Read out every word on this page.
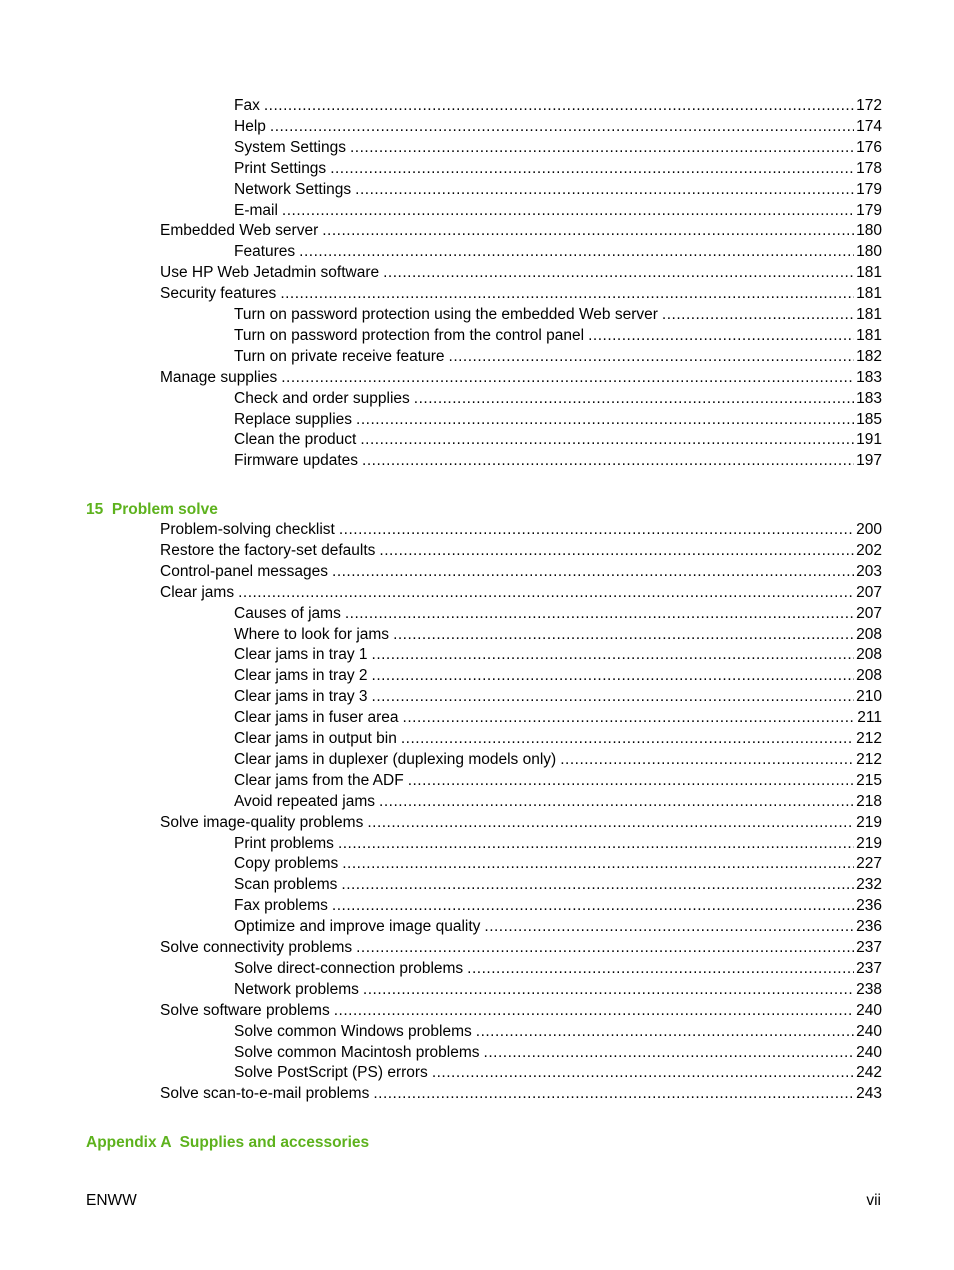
Fax .....	172
Help .....	174
System Settings .....	176
Print Settings .....	178
Network Settings .....	179
E-mail .....	179
Embedded Web server .....	180
Features .....	180
Use HP Web Jetadmin software .....	181
Security features .....	181
Turn on password protection using the embedded Web server .....	181
Turn on password protection from the control panel .....	181
Turn on private receive feature .....	182
Manage supplies .....	183
Check and order supplies .....	183
Replace supplies .....	185
Clean the product .....	191
Firmware updates .....	197
15  Problem solve
Problem-solving checklist .....	200
Restore the factory-set defaults .....	202
Control-panel messages .....	203
Clear jams .....	207
Causes of jams .....	207
Where to look for jams .....	208
Clear jams in tray 1 .....	208
Clear jams in tray 2 .....	208
Clear jams in tray 3 .....	210
Clear jams in fuser area .....	211
Clear jams in output bin .....	212
Clear jams in duplexer (duplexing models only) .....	212
Clear jams from the ADF .....	215
Avoid repeated jams .....	218
Solve image-quality problems .....	219
Print problems .....	219
Copy problems .....	227
Scan problems .....	232
Fax problems .....	236
Optimize and improve image quality .....	236
Solve connectivity problems .....	237
Solve direct-connection problems .....	237
Network problems .....	238
Solve software problems .....	240
Solve common Windows problems .....	240
Solve common Macintosh problems .....	240
Solve PostScript (PS) errors .....	242
Solve scan-to-e-mail problems .....	243
Appendix A  Supplies and accessories
ENWW	vii
